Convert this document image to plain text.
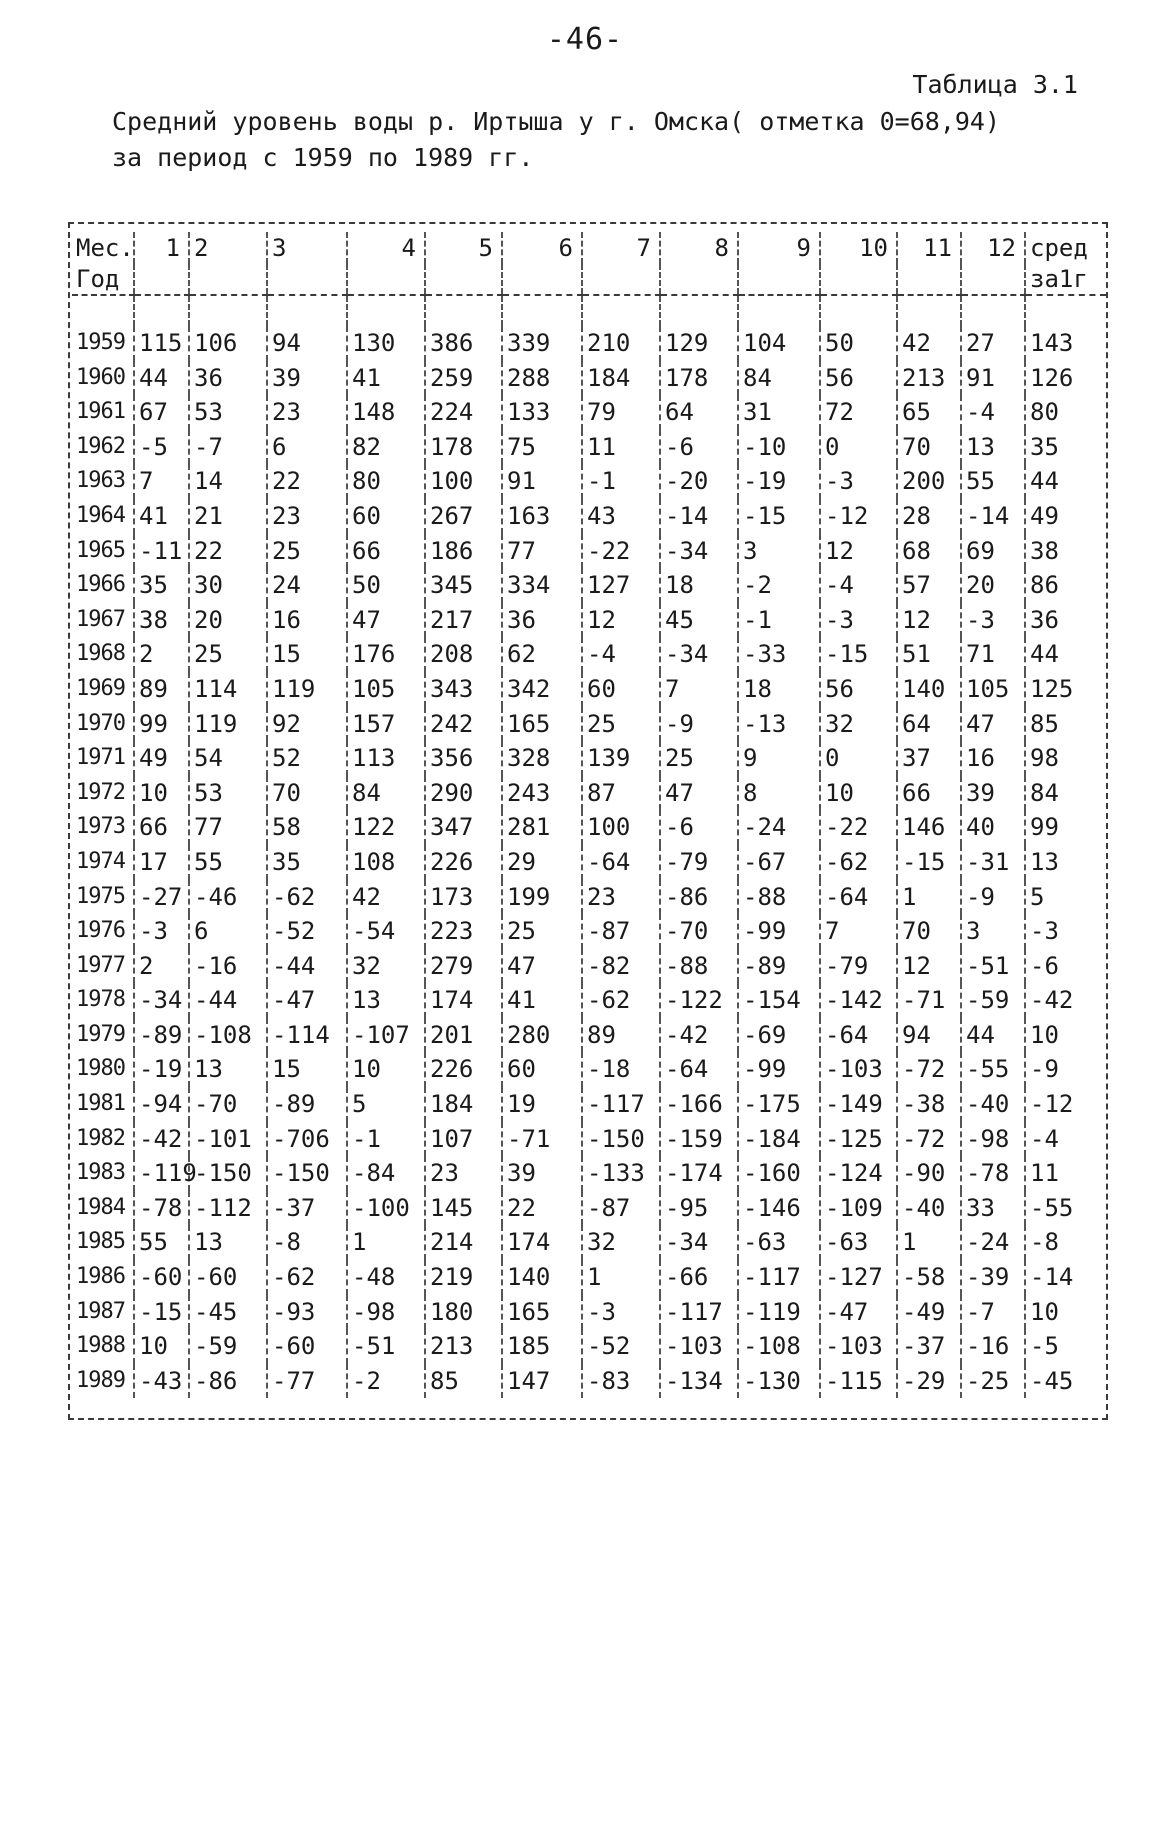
-46-
Таблица 3.1
Средний уровень воды р. Иртыша у г. Омска( отметка 0=68,94)
за период с 1959 по 1989 гг.
Мес.	1	2	3	4	5	6	7	8	9	10	11	12	сред
Год													за1г

1959	115	106	94	130	386	339	210	129	104	50	42	27	143
1960	44	36	39	41	259	288	184	178	84	56	213	91	126
1961	67	53	23	148	224	133	79	64	31	72	65	-4	80
1962	-5	-7	6	82	178	75	11	-6	-10	0	70	13	35
1963	7	14	22	80	100	91	-1	-20	-19	-3	200	55	44
1964	41	21	23	60	267	163	43	-14	-15	-12	28	-14	49
1965	-11	22	25	66	186	77	-22	-34	3	12	68	69	38
1966	35	30	24	50	345	334	127	18	-2	-4	57	20	86
1967	38	20	16	47	217	36	12	45	-1	-3	12	-3	36
1968	2	25	15	176	208	62	-4	-34	-33	-15	51	71	44
1969	89	114	119	105	343	342	60	7	18	56	140	105	125
1970	99	119	92	157	242	165	25	-9	-13	32	64	47	85
1971	49	54	52	113	356	328	139	25	9	0	37	16	98
1972	10	53	70	84	290	243	87	47	8	10	66	39	84
1973	66	77	58	122	347	281	100	-6	-24	-22	146	40	99
1974	17	55	35	108	226	29	-64	-79	-67	-62	-15	-31	13
1975	-27	-46	-62	42	173	199	23	-86	-88	-64	1	-9	5
1976	-3	6	-52	-54	223	25	-87	-70	-99	7	70	3	-3
1977	2	-16	-44	32	279	47	-82	-88	-89	-79	12	-51	-6
1978	-34	-44	-47	13	174	41	-62	-122	-154	-142	-71	-59	-42
1979	-89	-108	-114	-107	201	280	89	-42	-69	-64	94	44	10
1980	-19	13	15	10	226	60	-18	-64	-99	-103	-72	-55	-9
1981	-94	-70	-89	5	184	19	-117	-166	-175	-149	-38	-40	-12
1982	-42	-101	-706	-1	107	-71	-150	-159	-184	-125	-72	-98	-4
1983	-119	-150	-150	-84	23	39	-133	-174	-160	-124	-90	-78	11
1984	-78	-112	-37	-100	145	22	-87	-95	-146	-109	-40	33	-55
1985	55	13	-8	1	214	174	32	-34	-63	-63	1	-24	-8
1986	-60	-60	-62	-48	219	140	1	-66	-117	-127	-58	-39	-14
1987	-15	-45	-93	-98	180	165	-3	-117	-119	-47	-49	-7	10
1988	10	-59	-60	-51	213	185	-52	-103	-108	-103	-37	-16	-5
1989	-43	-86	-77	-2	85	147	-83	-134	-130	-115	-29	-25	-45
